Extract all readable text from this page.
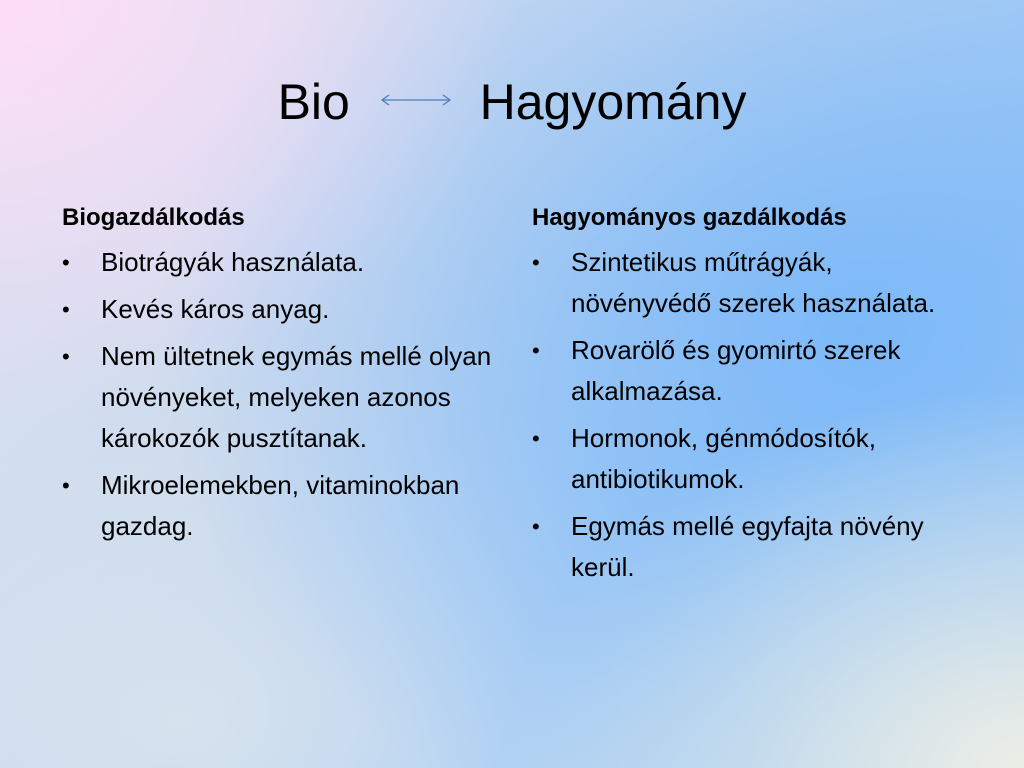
Bio	Hagyomány
Biogazdálkodás
• Biotrágyák használata.
• Kevés káros anyag.
• Nem ültetnek egymás mellé olyan növényeket, melyeken azonos károkozók pusztítanak.
• Mikroelemekben, vitaminokban gazdag.
Hagyományos gazdálkodás
• Szintetikus műtrágyák, növényvédő szerek használata.
• Rovarölő és gyomirtó szerek alkalmazása.
• Hormonok, génmódosítók, antibiotikumok.
• Egymás mellé egyfajta növény kerül.
